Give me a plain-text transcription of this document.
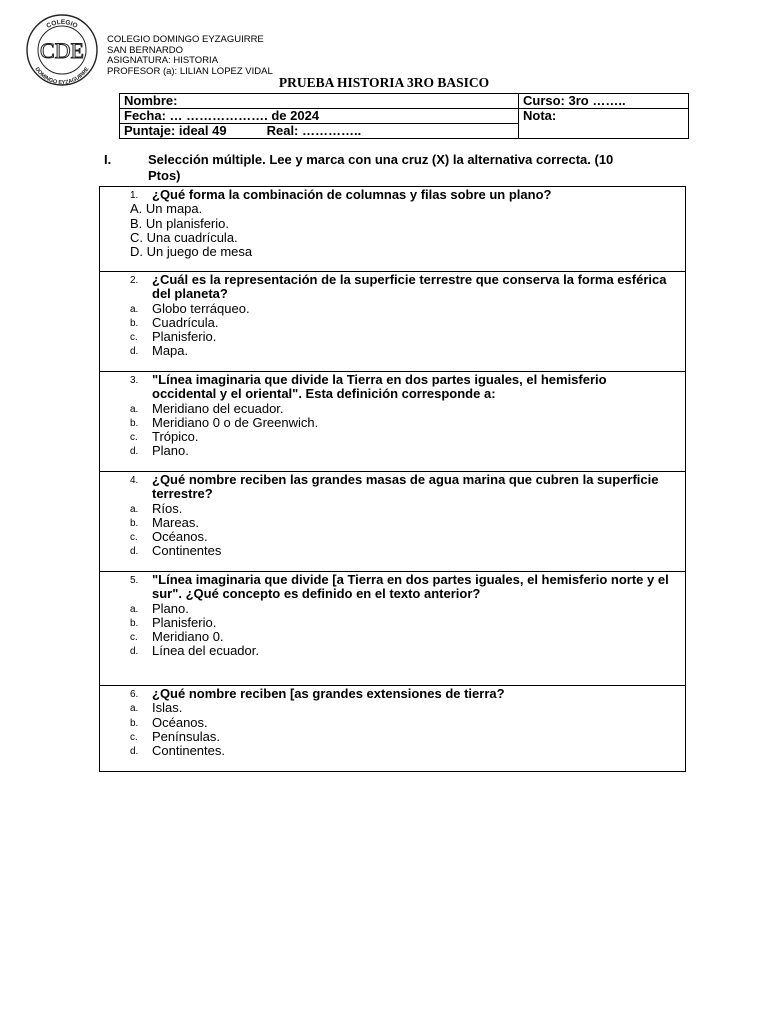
COLEGIO
DOMINGO EYZAGUIRRE
CDE COLEGIO DOMINGO EYZAGUIRRE
SAN BERNARDO
ASIGNATURA: HISTORIA
PROFESOR (a): LILIAN LOPEZ VIDAL
PRUEBA HISTORIA 3RO BASICO
Nombre:	Curso: 3ro ……..
Fecha: … ………………. de 2024	Nota:
Puntaje: ideal 49 Real: …………..	
I.	Selección múltiple. Lee y marca con una cruz (X) la alternativa correcta. (10 Ptos)
1. ¿Qué forma la combinación de columnas y filas sobre un plano?
A. Un mapa.
B. Un planisferio.
C. Una cuadrícula.
D. Un juego de mesa
2. ¿Cuál es la representación de la superficie terrestre que conserva la forma esférica del planeta?
a. Globo terráqueo.
b. Cuadrícula.
c. Planisferio.
d. Mapa.
3. "Línea imaginaria que divide la Tierra en dos partes iguales, el hemisferio occidental y el oriental". Esta definición corresponde a:
a. Meridiano del ecuador.
b. Meridiano 0 o de Greenwich.
c. Trópico.
d. Plano.
4. ¿Qué nombre reciben las grandes masas de agua marina que cubren la superficie terrestre?
a. Ríos.
b. Mareas.
c. Océanos.
d. Continentes
5. "Línea imaginaria que divide [a Tierra en dos partes iguales, el hemisferio norte y el sur". ¿Qué concepto es definido en el texto anterior?
a. Plano.
b. Planisferio.
c. Meridiano 0.
d. Línea del ecuador.
6. ¿Qué nombre reciben [as grandes extensiones de tierra?
a. Islas.
b. Océanos.
c. Penínsulas.
d. Continentes.
